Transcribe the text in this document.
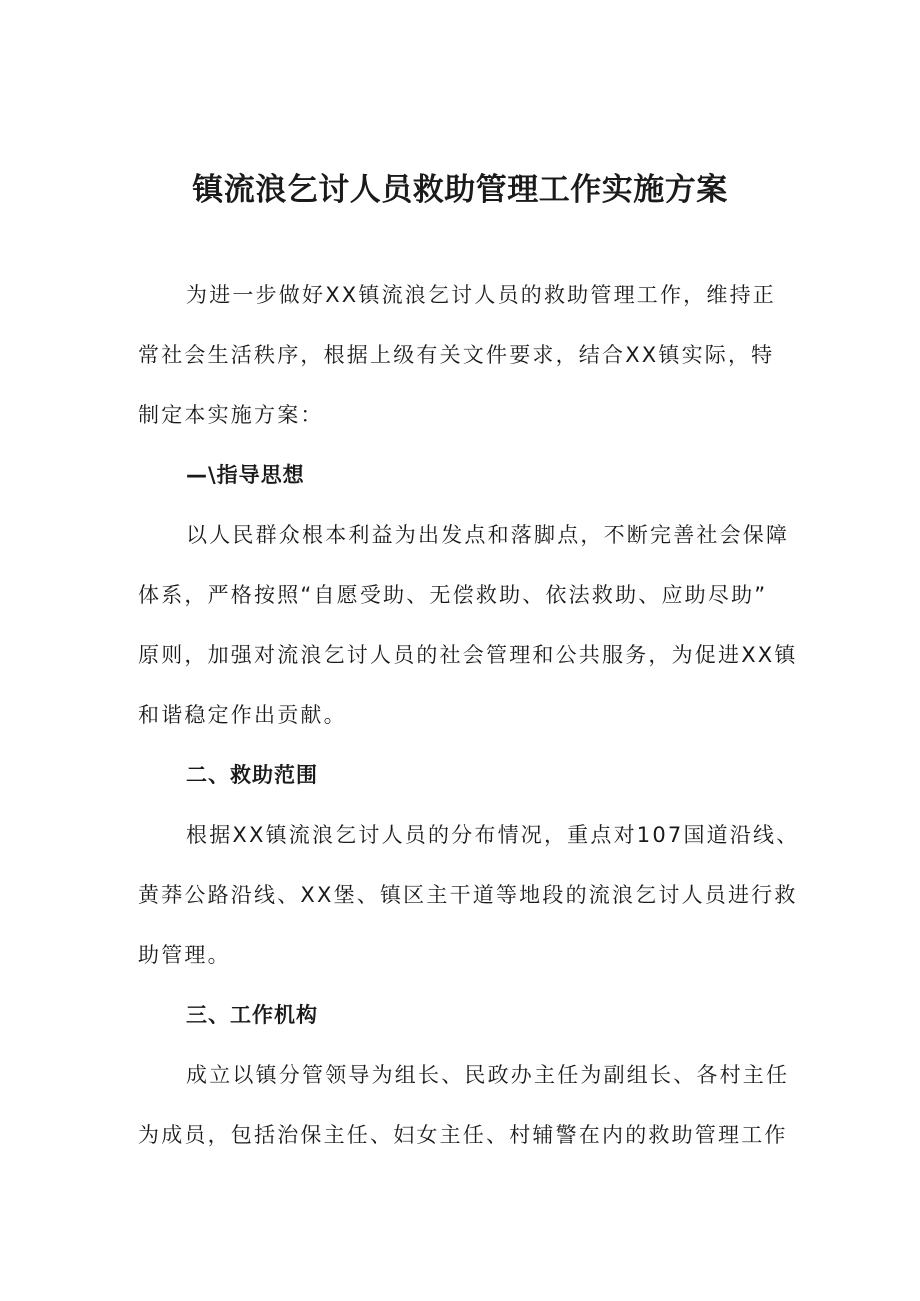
镇流浪乞讨人员救助管理工作实施方案
为进一步做好XX镇流浪乞讨人员的救助管理工作，维持正
常社会生活秩序，根据上级有关文件要求，结合XX镇实际，特
制定本实施方案：
—\指导思想
以人民群众根本利益为出发点和落脚点，不断完善社会保障
体系，严格按照“自愿受助、无偿救助、依法救助、应助尽助”
原则，加强对流浪乞讨人员的社会管理和公共服务，为促进XX镇
和谐稳定作出贡献。
二、救助范围
根据XX镇流浪乞讨人员的分布情况，重点对107国道沿线、
黄莽公路沿线、XX堡、镇区主干道等地段的流浪乞讨人员进行救
助管理。
三、工作机构
成立以镇分管领导为组长、民政办主任为副组长、各村主任
为成员，包括治保主任、妇女主任、村辅警在内的救助管理工作
